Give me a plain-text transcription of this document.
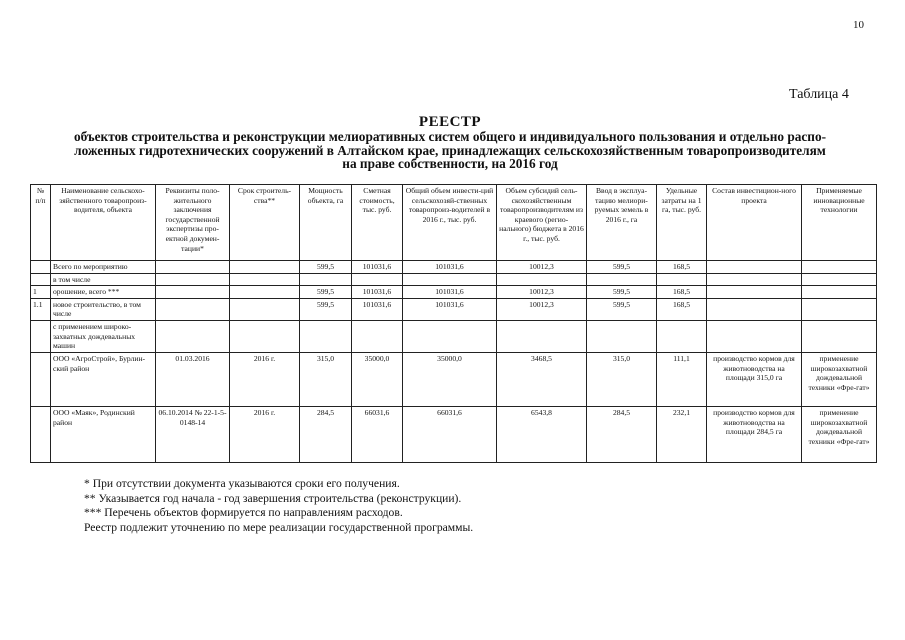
10
Таблица 4
РЕЕСТР
объектов строительства и реконструкции мелиоративных систем общего и индивидуального пользования и отдельно распо-
ложенных гидротехнических сооружений в Алтайском крае, принадлежащих сельскохозяйственным товаропроизводителям
на праве собственности, на 2016 год
№ п/п	Наименование сельскохо-зяйственного товаропроиз-водителя, объекта	Реквизиты поло-жительного заключения государственной экспертизы про-ектной докумен-тации*	Срок строитель-ства**	Мощность объекта, га	Сметная стоимость, тыс. руб.	Общий объем инвести-ций сельскохозяй-ственных товаропроиз-водителей в 2016 г., тыс. руб.	Объем субсидий сель-скохозяйственным товаропроизводителям из краевого (регио-нального) бюджета в 2016 г., тыс. руб.	Ввод в эксплуа-тацию мелиори-руемых земель в 2016 г., га	Удельные затраты на 1 га, тыс. руб.	Состав инвестицион-ного проекта	Применяемые инновационные технологии
	Всего по мероприятию			599,5	101031,6	101031,6	10012,3	599,5	168,5		
	в том числе										
1	орошение, всего ***			599,5	101031,6	101031,6	10012,3	599,5	168,5		
1.1	новое строительство, в том числе			599,5	101031,6	101031,6	10012,3	599,5	168,5		
	с применением широко-захватных дождевальных машин										
	ООО «АгроСтрой», Бурлин-ский район	01.03.2016	2016 г.	315,0	35000,0	35000,0	3468,5	315,0	111,1	производство кормов для животноводства на площади 315,0 га	применение широкозахватной дождевальной техники «Фре-гат»
	ООО «Маяк», Родинский район	06.10.2014 № 22-1-5-0148-14	2016 г.	284,5	66031,6	66031,6	6543,8	284,5	232,1	производство кормов для животноводства на площади 284,5 га	применение широкозахватной дождевальной техники «Фре-гат»
* При отсутствии документа указываются сроки его получения.
** Указывается год начала - год завершения строительства (реконструкции).
*** Перечень объектов формируется по направлениям расходов.
Реестр подлежит уточнению по мере реализации государственной программы.
